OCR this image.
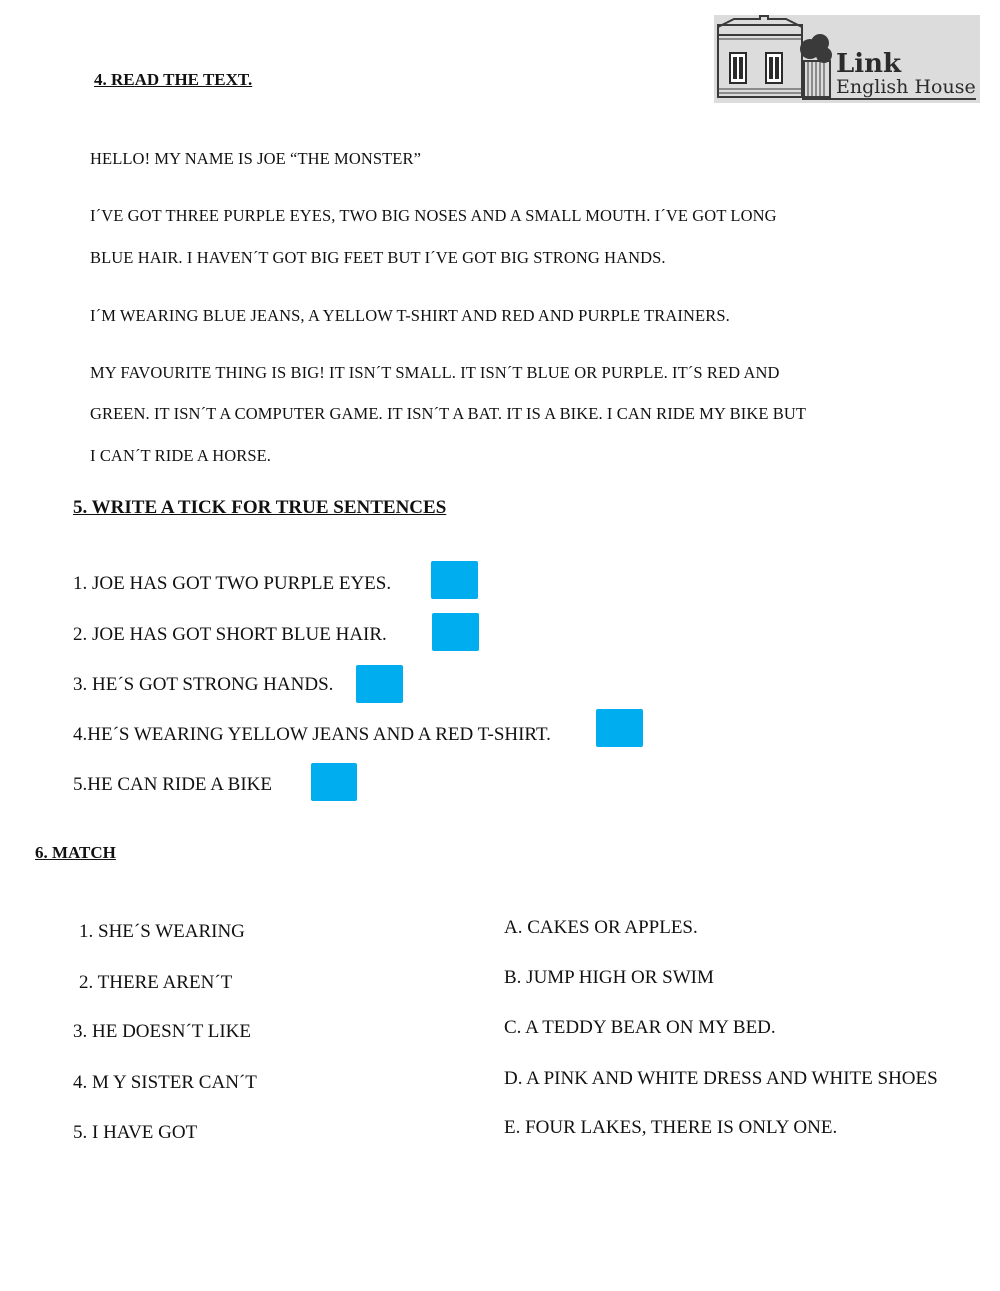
Link
English House
4. READ THE TEXT.
HELLO! MY NAME IS JOE “THE MONSTER”
I´VE GOT THREE PURPLE EYES, TWO BIG NOSES AND A SMALL MOUTH. I´VE GOT LONG
BLUE HAIR. I HAVEN´T GOT BIG FEET BUT I´VE GOT BIG STRONG HANDS.
I´M WEARING BLUE JEANS, A YELLOW T-SHIRT AND RED AND PURPLE TRAINERS.
MY FAVOURITE THING IS BIG! IT ISN´T SMALL. IT ISN´T BLUE OR PURPLE. IT´S RED AND
GREEN. IT ISN´T A COMPUTER GAME. IT ISN´T A BAT. IT IS A BIKE. I CAN RIDE MY BIKE BUT
I CAN´T RIDE A HORSE.
5. WRITE A TICK FOR TRUE SENTENCES
1. JOE HAS GOT TWO PURPLE EYES.
2. JOE HAS GOT SHORT BLUE HAIR.
3. HE´S GOT STRONG HANDS.
4.HE´S WEARING YELLOW JEANS AND A RED T-SHIRT.
5.HE CAN RIDE A BIKE
6. MATCH
1. SHE´S WEARING
2. THERE AREN´T
3. HE DOESN´T LIKE
4. M Y SISTER CAN´T
5. I HAVE GOT
A. CAKES OR APPLES.
B. JUMP HIGH OR SWIM
C. A TEDDY BEAR ON MY BED.
D. A PINK AND WHITE DRESS AND WHITE SHOES
E. FOUR LAKES, THERE IS ONLY ONE.
